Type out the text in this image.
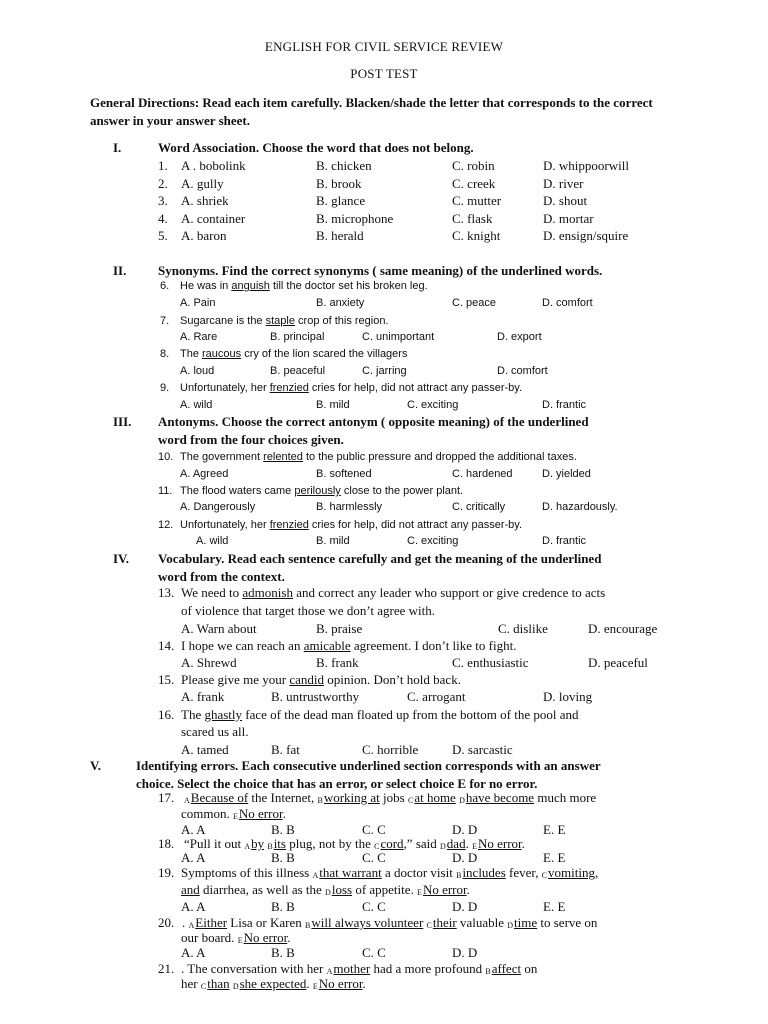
ENGLISH FOR CIVIL SERVICE REVIEW
POST TEST
General Directions: Read each item carefully. Blacken/shade the letter that corresponds to the correct answer in your answer sheet.
I.	Word Association. Choose the word that does not belong.
1. A . bobolink	B. chicken	C. robin	D. whippoorwill
2. A. gully	B. brook	C. creek	D. river
3. A. shriek	B. glance	C. mutter	D. shout
4. A. container	B. microphone	C. flask	D. mortar
5. A. baron	B. herald	C. knight	D. ensign/squire
II. Synonyms. Find the correct synonyms ( same meaning) of the underlined words.
6. He was in anguish till the doctor set his broken leg.
A. Pain	B. anxiety	C. peace	D. comfort
7. Sugarcane is the staple crop of this region.
A. Rare	B. principal	C. unimportant	D. export
8. The raucous cry of the lion scared the villagers
A. loud	B. peaceful	C. jarring	D. comfort
9. Unfortunately, her frenzied cries for help, did not attract any passer-by.
A. wild	B. mild	C. exciting	D. frantic
III. Antonyms. Choose the correct antonym ( opposite meaning) of the underlined
word from the four choices given.
10. The government relented to the public pressure and dropped the additional taxes.
A. Agreed	B. softened	C. hardened	D. yielded
11. The flood waters came perilously close to the power plant.
A. Dangerously	B. harmlessly	C. critically	D. hazardously.
12. Unfortunately, her frenzied cries for help, did not attract any passer-by.
A. wild	B. mild	C. exciting	D. frantic
IV. Vocabulary. Read each sentence carefully and get the meaning of the underlined
word from the context.
13. We need to admonish and correct any leader who support or give credence to acts
of violence that target those we don’t agree with.
A. Warn about	B. praise	C. dislike	D. encourage
14. I hope we can reach an amicable agreement. I don’t like to fight.
A. Shrewd	B. frank	C. enthusiastic	D. peaceful
15. Please give me your candid opinion. Don’t hold back.
A. frank	B. untrustworthy	C. arrogant	D. loving
16. The ghastly face of the dead man floated up from the bottom of the pool and
scared us all.
A. tamed	B. fat	C. horrible	D. sarcastic
V.	Identifying errors. Each consecutive underlined section corresponds with an answer
choice. Select the choice that has an error, or select choice E for no error.
17. ABecause of the Internet, Bworking at jobs Cat home Dhave become much more
common. ENo error.
A. A	B. B	C. C	D. D	E. E
18. “Pull it out Aby Bits plug, not by the Ccord,” said Ddad. ENo error.
A. A	B. B	C. C	D. D	E. E
19. Symptoms of this illness Athat warrant a doctor visit Bincludes fever, Cvomiting,
and diarrhea, as well as the Dloss of appetite. ENo error.
A. A	B. B	C. C	D. D	E. E
20. . AEither Lisa or Karen Bwill always volunteer Ctheir valuable Dtime to serve on
our board. ENo error.
A. A	B. B	C. C	D. D
21. . The conversation with her Amother had a more profound Baffect on
her Cthan Dshe expected. ENo error.
